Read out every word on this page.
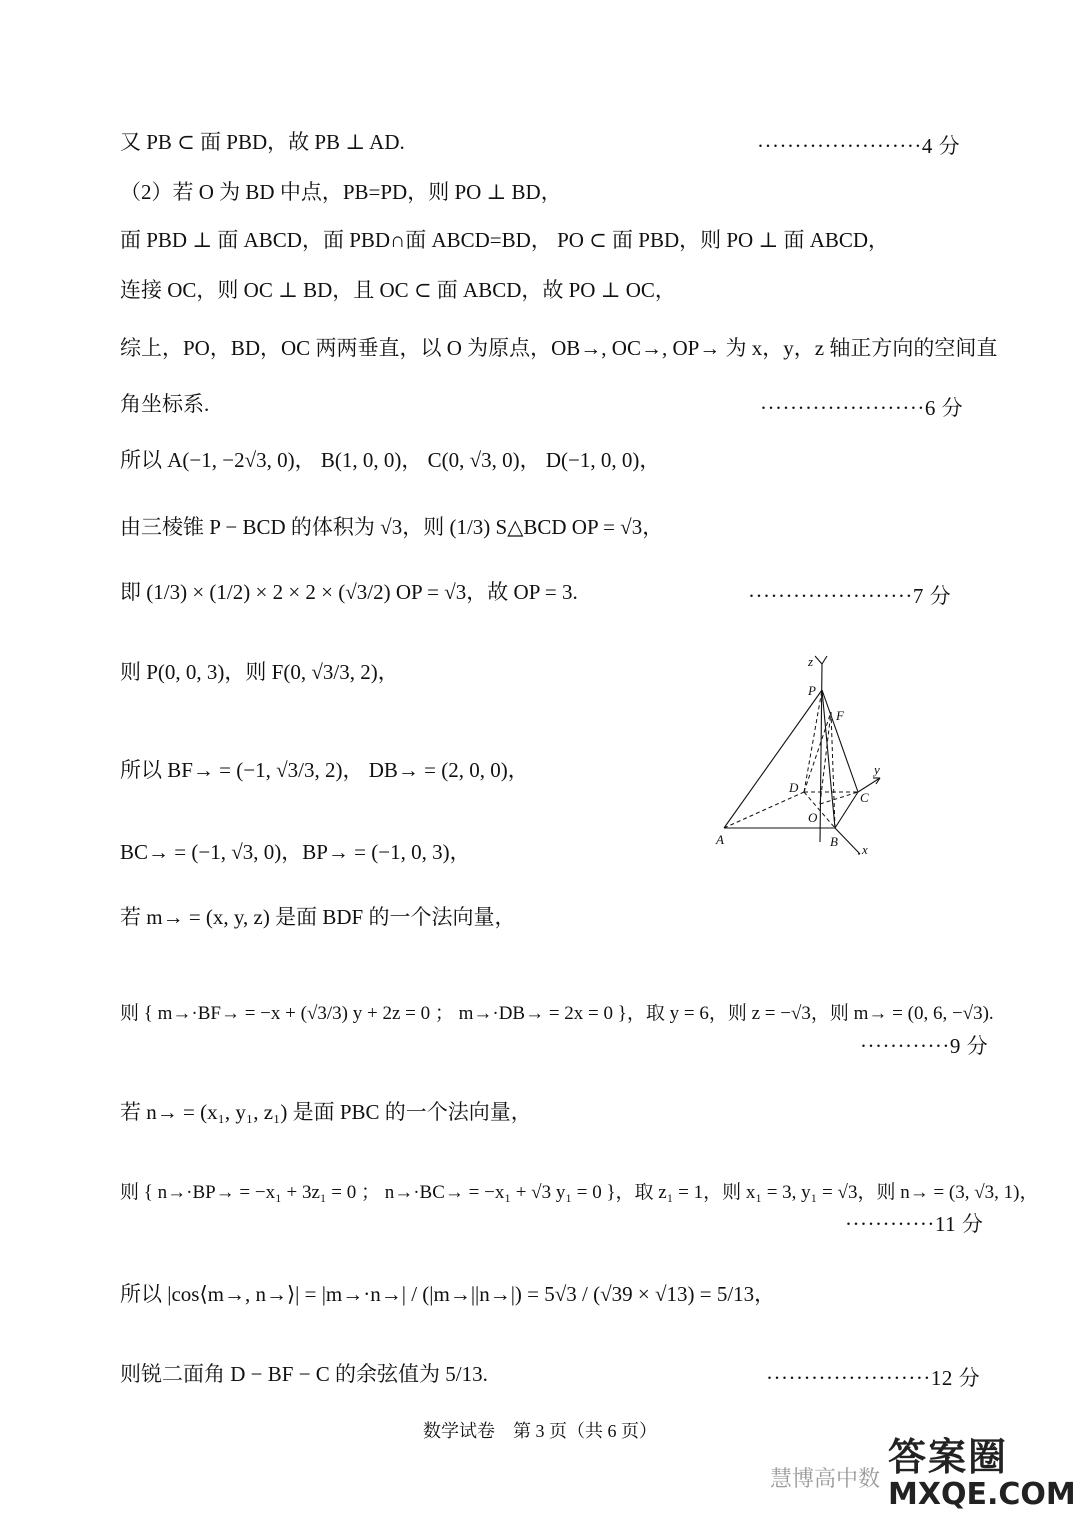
又 PB ⊂ 面 PBD，故 PB ⊥ AD.	······················4 分
（2）若 O 为 BD 中点，PB=PD，则 PO ⊥ BD，
面 PBD ⊥ 面 ABCD，面 PBD∩面 ABCD=BD， PO ⊂ 面 PBD，则 PO ⊥ 面 ABCD，
连接 OC，则 OC ⊥ BD，且 OC ⊂ 面 ABCD，故 PO ⊥ OC，
综上，PO，BD，OC 两两垂直，以 O 为原点，OB→, OC→, OP→ 为 x，y，z 轴正方向的空间直
角坐标系.	······················6 分
所以 A(−1, −2√3, 0)， B(1, 0, 0)， C(0, √3, 0)， D(−1, 0, 0)，
由三棱锥 P − BCD 的体积为 √3，则 (1/3) S△BCD OP = √3，
即 (1/3) × (1/2) × 2 × 2 × (√3/2) OP = √3，故 OP = 3.	······················7 分
则 P(0, 0, 3)，则 F(0, √3/3, 2)，
所以 BF→ = (−1, √3/3, 2)， DB→ = (2, 0, 0)，
BC→ = (−1, √3, 0)，BP→ = (−1, 0, 3)，
若 m→ = (x, y, z) 是面 BDF 的一个法向量，
则 { m→·BF→ = −x + (√3/3) y + 2z = 0 ； m→·DB→ = 2x = 0 }，取 y = 6，则 z = −√3，则 m→ = (0, 6, −√3).
············9 分
若 n→ = (x₁, y₁, z₁) 是面 PBC 的一个法向量，
则 { n→·BP→ = −x₁ + 3z₁ = 0 ； n→·BC→ = −x₁ + √3 y₁ = 0 }，取 z₁ = 1，则 x₁ = 3, y₁ = √3，则 n→ = (3, √3, 1)，
············11 分
所以 |cos⟨m→, n→⟩| = |m→·n→| / (|m→||n→|) = 5√3 / (√39 × √13) = 5/13，
则锐二面角 D − BF − C 的余弦值为 5/13.	······················12 分
z
P
F
y
D
C
O
A	B
x
数学试卷　第 3 页（共 6 页）
慧博高中数
答案圈
MXQE.COM
